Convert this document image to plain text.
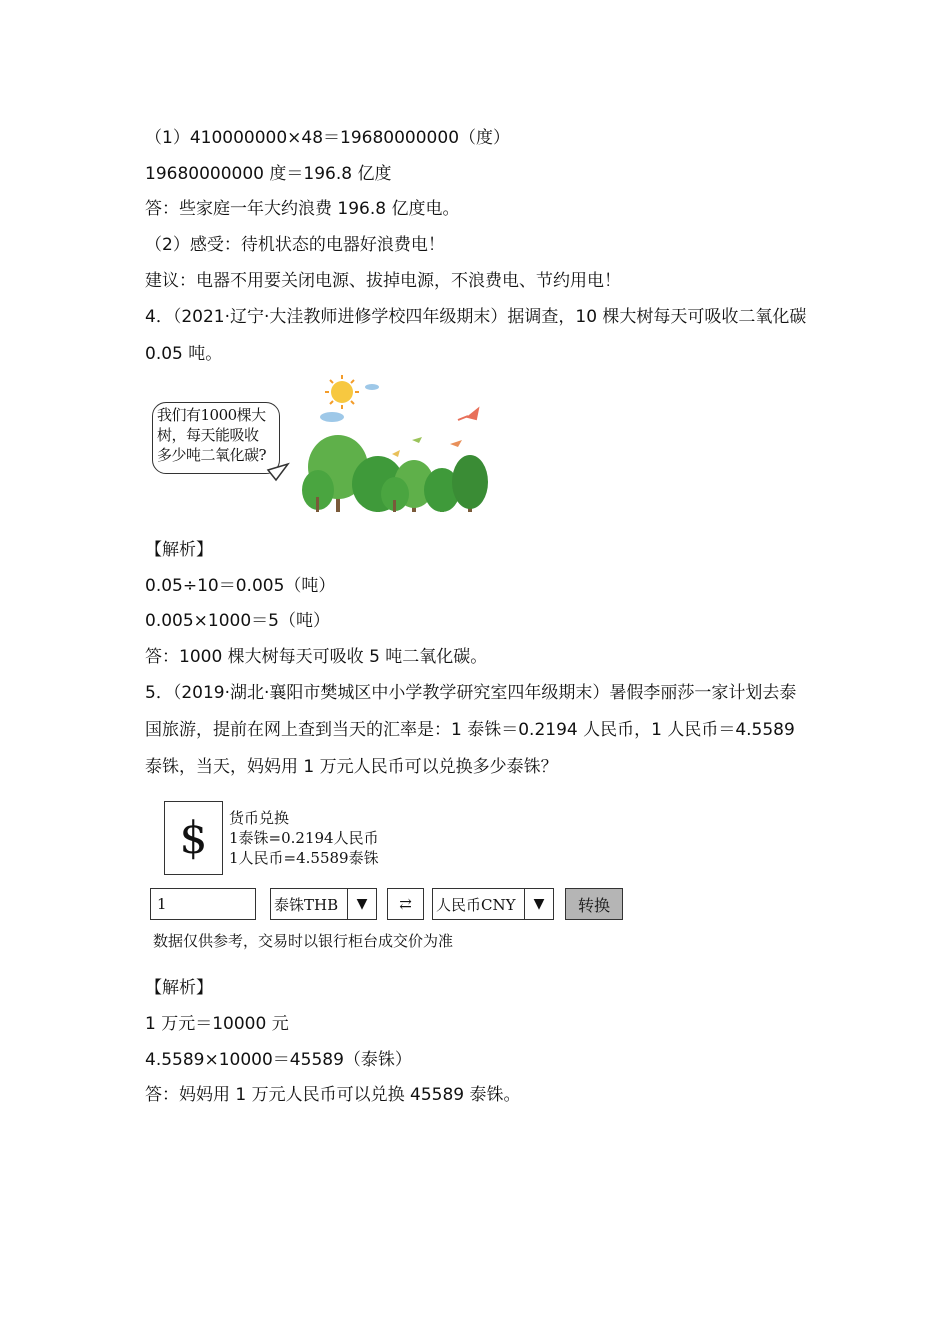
（1）410000000×48＝19680000000（度）
19680000000 度＝196.8 亿度
答：些家庭一年大约浪费 196.8 亿度电。
（2）感受：待机状态的电器好浪费电！
建议：电器不用要关闭电源、拔掉电源，不浪费电、节约用电！
4．（2021·辽宁·大洼教师进修学校四年级期末）据调查，10 棵大树每天可吸收二氧化碳 0.05 吨。
我们有1000棵大
树，每天能吸收
多少吨二氧化碳?
【解析】
0.05÷10＝0.005（吨）
0.005×1000＝5（吨）
答：1000 棵大树每天可吸收 5 吨二氧化碳。
5．（2019·湖北·襄阳市樊城区中小学教学研究室四年级期末）暑假李丽莎一家计划去泰国旅游，提前在网上查到当天的汇率是：1 泰铢＝0.2194 人民币，1 人民币＝4.5589 泰铢，当天，妈妈用 1 万元人民币可以兑换多少泰铢？
$	货币兑换
1泰铢=0.2194人民币
1人民币=4.5589泰铢
1	泰铢THB	▼	⇄	人民币CNY	▼	转换
数据仅供参考，交易时以银行柜台成交价为准
【解析】
1 万元＝10000 元
4.5589×10000＝45589（泰铢）
答：妈妈用 1 万元人民币可以兑换 45589 泰铢。
